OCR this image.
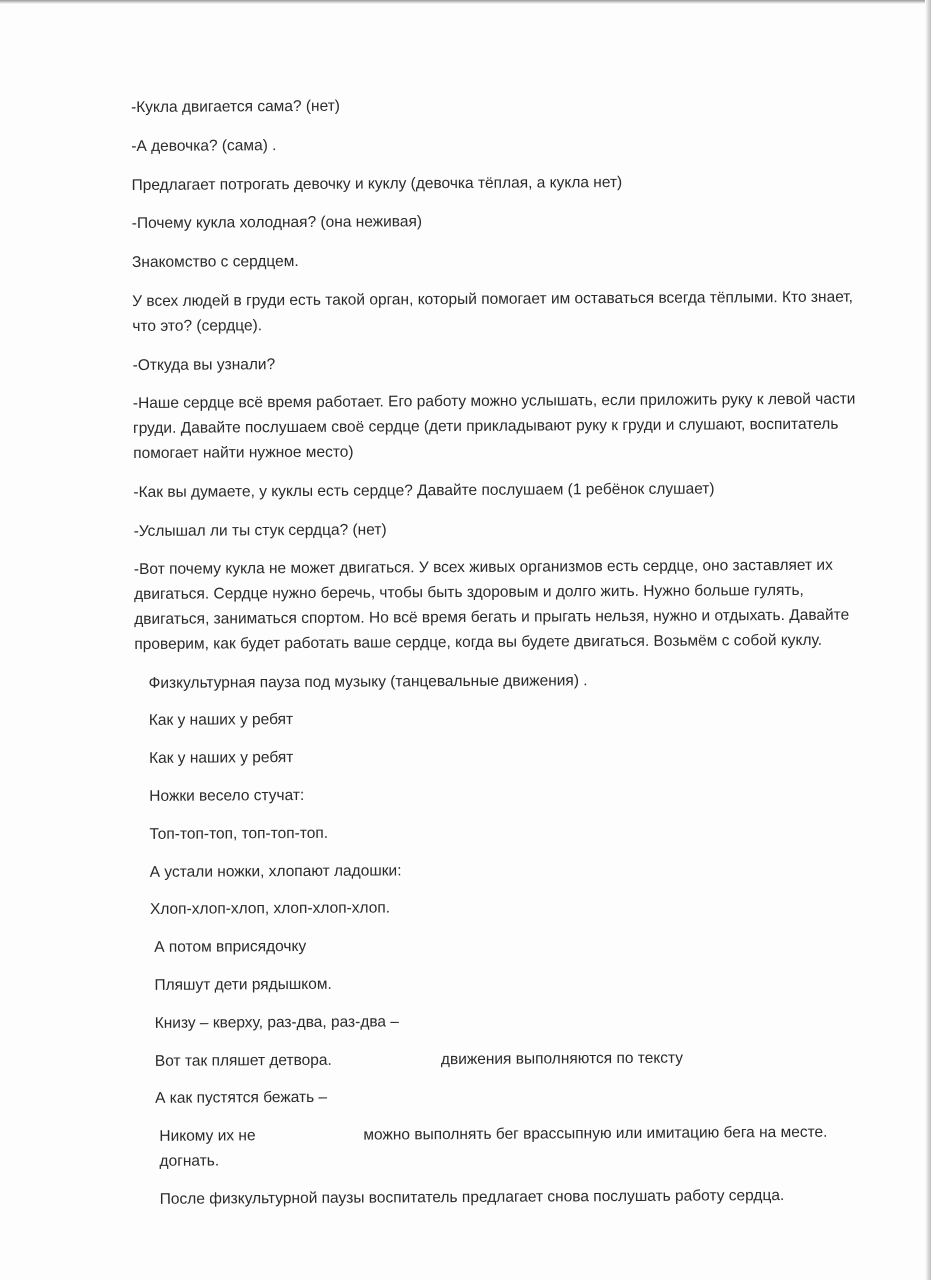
-Кукла двигается сама? (нет)

-А девочка? (сама) .

Предлагает потрогать девочку и куклу (девочка тёплая, а кукла нет)

-Почему кукла холодная? (она неживая)

Знакомство с сердцем.

У всех людей в груди есть такой орган, который помогает им оставаться всегда тёплыми. Кто знает, что это? (сердце).

-Откуда вы узнали?

-Наше сердце всё время работает. Его работу можно услышать, если приложить руку к левой части груди. Давайте послушаем своё сердце (дети прикладывают руку к груди и слушают, воспитатель помогает найти нужное место)

-Как вы думаете, у куклы есть сердце? Давайте послушаем (1 ребёнок слушает)

-Услышал ли ты стук сердца? (нет)

-Вот почему кукла не может двигаться. У всех живых организмов есть сердце, оно заставляет их двигаться. Сердце нужно беречь, чтобы быть здоровым и долго жить. Нужно больше гулять, двигаться, заниматься спортом. Но всё время бегать и прыгать нельзя, нужно и отдыхать. Давайте проверим, как будет работать ваше сердце, когда вы будете двигаться. Возьмём с собой куклу.

Физкультурная пауза под музыку (танцевальные движения) .

Как у наших у ребят

Как у наших у ребят

Ножки весело стучат:

Топ-топ-топ, топ-топ-топ.

А устали ножки, хлопают ладошки:

Хлоп-хлоп-хлоп, хлоп-хлоп-хлоп.

А потом вприсядочку

Пляшут дети рядышком.

Книзу – кверху, раз-два, раз-два –

Вот так пляшет детвора.	движения выполняются по тексту

А как пустятся бежать –

Никому их не догнать.
можно выполнять бег врассыпную или имитацию бега на месте.

После физкультурной паузы воспитатель предлагает снова послушать работу сердца.
